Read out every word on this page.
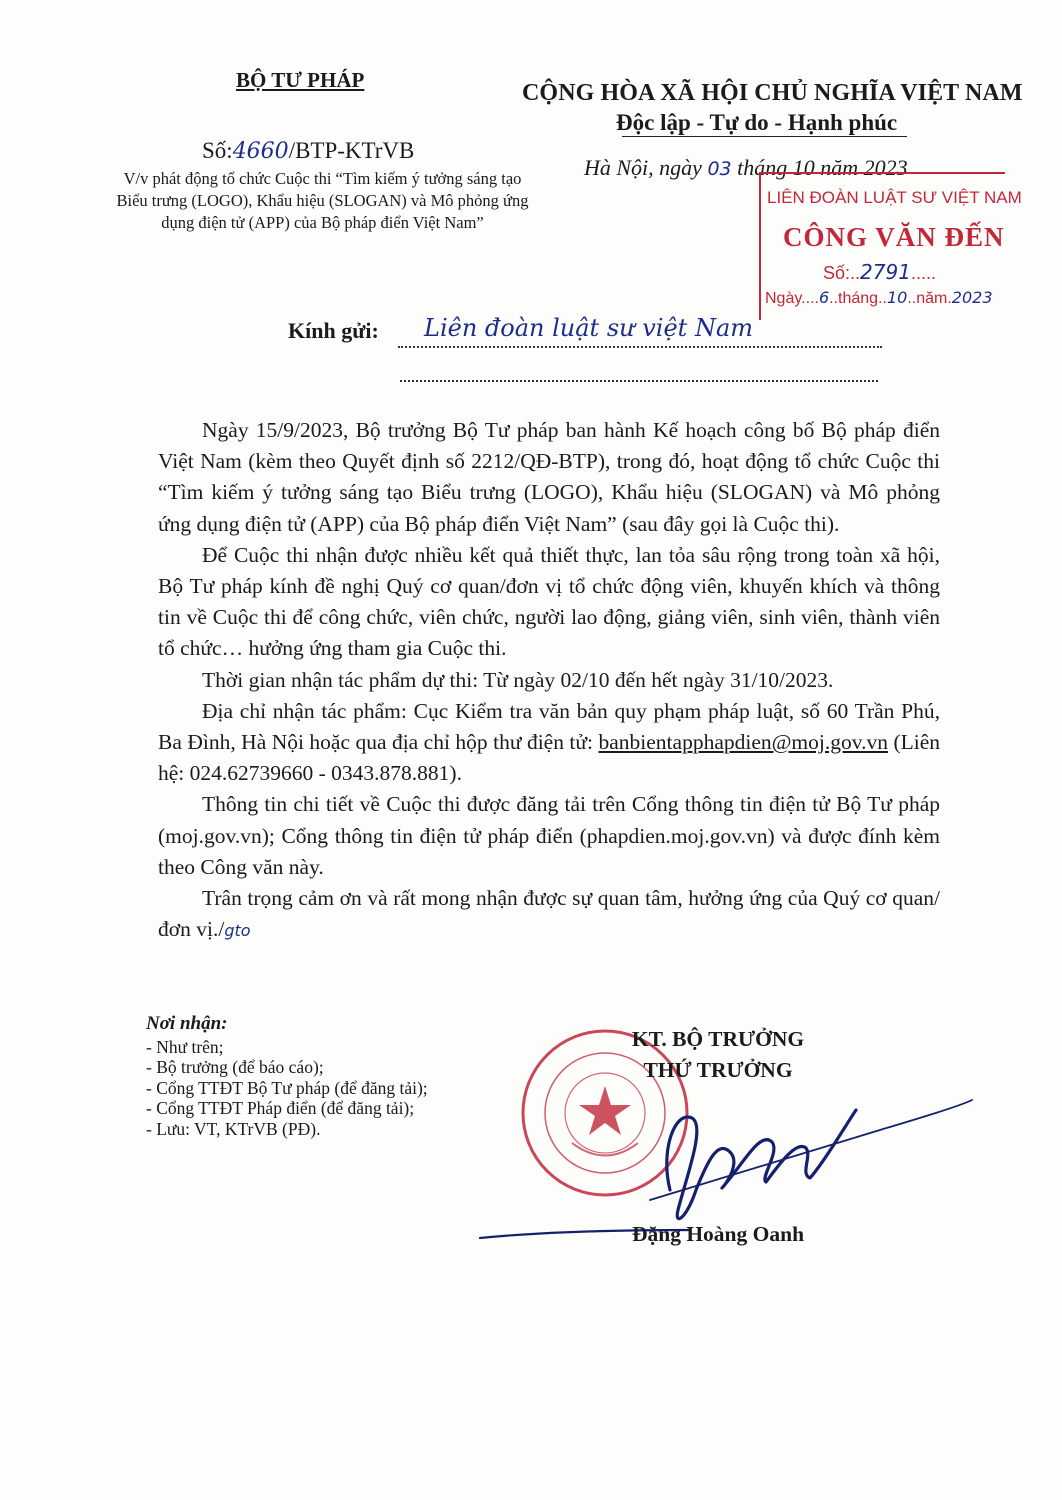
BỘ TƯ PHÁP	CỘNG HÒA XÃ HỘI CHỦ NGHĨA VIỆT NAM
Độc lập - Tự do - Hạnh phúc
Số:4660/BTP-KTrVB
V/v phát động tổ chức Cuộc thi “Tìm kiếm ý tưởng sáng tạo Biểu trưng (LOGO), Khẩu hiệu (SLOGAN) và Mô phỏng ứng dụng điện tử (APP) của Bộ pháp điển Việt Nam”
Hà Nội, ngày 03 tháng 10 năm 2023
LIÊN ĐOÀN LUẬT SƯ VIỆT NAM
CÔNG VĂN ĐẾN
Số:..2791.....
Ngày....6..tháng..10..năm.2023
Kính gửi:	Liên đoàn luật sư việt Nam

Ngày 15/9/2023, Bộ trưởng Bộ Tư pháp ban hành Kế hoạch công bố Bộ pháp điển Việt Nam (kèm theo Quyết định số 2212/QĐ-BTP), trong đó, hoạt động tổ chức Cuộc thi “Tìm kiếm ý tưởng sáng tạo Biểu trưng (LOGO), Khẩu hiệu (SLOGAN) và Mô phỏng ứng dụng điện tử (APP) của Bộ pháp điển Việt Nam” (sau đây gọi là Cuộc thi).

Để Cuộc thi nhận được nhiều kết quả thiết thực, lan tỏa sâu rộng trong toàn xã hội, Bộ Tư pháp kính đề nghị Quý cơ quan/đơn vị tổ chức động viên, khuyến khích và thông tin về Cuộc thi để công chức, viên chức, người lao động, giảng viên, sinh viên, thành viên tổ chức… hưởng ứng tham gia Cuộc thi.

Thời gian nhận tác phẩm dự thi: Từ ngày 02/10 đến hết ngày 31/10/2023.

Địa chỉ nhận tác phẩm: Cục Kiểm tra văn bản quy phạm pháp luật, số 60 Trần Phú, Ba Đình, Hà Nội hoặc qua địa chỉ hộp thư điện tử: banbientapphapdien@moj.gov.vn (Liên hệ: 024.62739660 - 0343.878.881).

Thông tin chi tiết về Cuộc thi được đăng tải trên Cổng thông tin điện tử Bộ Tư pháp (moj.gov.vn); Cổng thông tin điện tử pháp điển (phapdien.moj.gov.vn) và được đính kèm theo Công văn này.

Trân trọng cảm ơn và rất mong nhận được sự quan tâm, hưởng ứng của Quý cơ quan/đơn vị./gto

Nơi nhận:
- Như trên;
- Bộ trưởng (để báo cáo);
- Cổng TTĐT Bộ Tư pháp (để đăng tải);
- Cổng TTĐT Pháp điển (để đăng tải);
- Lưu: VT, KTrVB (PĐ).
KT. BỘ TRƯỞNG
THỨ TRƯỞNG
Đặng Hoàng Oanh
